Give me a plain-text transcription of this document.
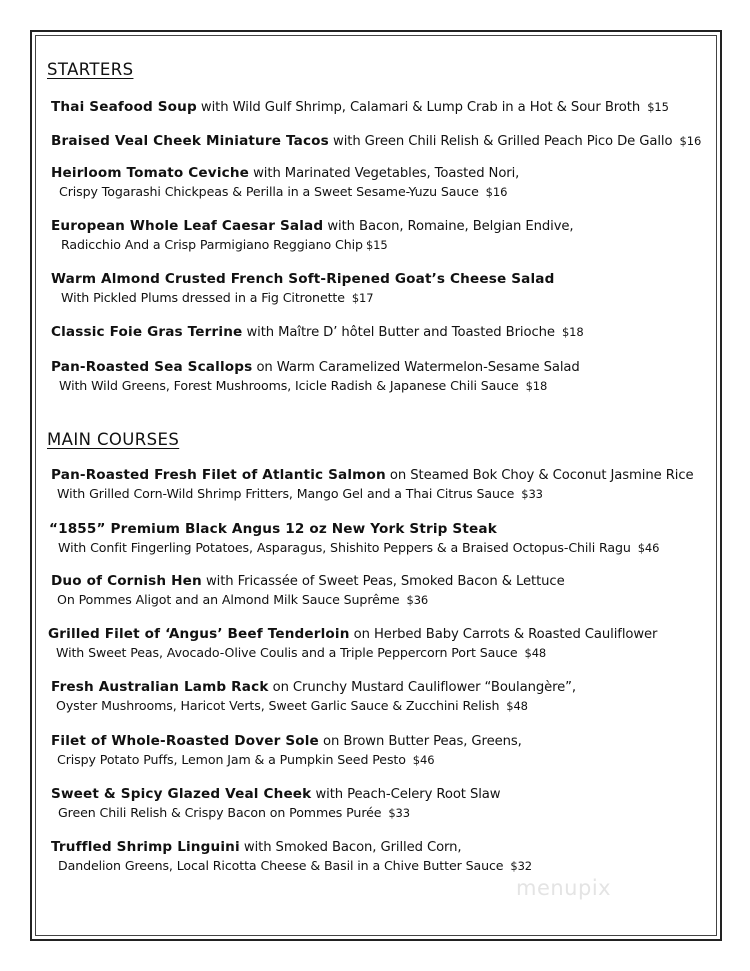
STARTERS
Thai Seafood Soup with Wild Gulf Shrimp, Calamari & Lump Crab in a Hot & Sour Broth $15
Braised Veal Cheek Miniature Tacos with Green Chili Relish & Grilled Peach Pico De Gallo $16
Heirloom Tomato Ceviche with Marinated Vegetables, Toasted Nori,
Crispy Togarashi Chickpeas & Perilla in a Sweet Sesame-Yuzu Sauce $16
European Whole Leaf Caesar Salad with Bacon, Romaine, Belgian Endive,
Radicchio And a Crisp Parmigiano Reggiano Chip $15
Warm Almond Crusted French Soft-Ripened Goat’s Cheese Salad
With Pickled Plums dressed in a Fig Citronette $17
Classic Foie Gras Terrine with Maître D’ hôtel Butter and Toasted Brioche $18
Pan-Roasted Sea Scallops on Warm Caramelized Watermelon-Sesame Salad
With Wild Greens, Forest Mushrooms, Icicle Radish & Japanese Chili Sauce $18
MAIN COURSES
Pan-Roasted Fresh Filet of Atlantic Salmon on Steamed Bok Choy & Coconut Jasmine Rice
With Grilled Corn-Wild Shrimp Fritters, Mango Gel and a Thai Citrus Sauce $33
“1855” Premium Black Angus 12 oz New York Strip Steak
With Confit Fingerling Potatoes, Asparagus, Shishito Peppers & a Braised Octopus-Chili Ragu $46
Duo of Cornish Hen with Fricassée of Sweet Peas, Smoked Bacon & Lettuce
On Pommes Aligot and an Almond Milk Sauce Suprême $36
Grilled Filet of ‘Angus’ Beef Tenderloin on Herbed Baby Carrots & Roasted Cauliflower
With Sweet Peas, Avocado-Olive Coulis and a Triple Peppercorn Port Sauce $48
Fresh Australian Lamb Rack on Crunchy Mustard Cauliflower “Boulangère”,
Oyster Mushrooms, Haricot Verts, Sweet Garlic Sauce & Zucchini Relish $48
Filet of Whole-Roasted Dover Sole on Brown Butter Peas, Greens,
Crispy Potato Puffs, Lemon Jam & a Pumpkin Seed Pesto $46
Sweet & Spicy Glazed Veal Cheek with Peach-Celery Root Slaw
Green Chili Relish & Crispy Bacon on Pommes Purée $33
Truffled Shrimp Linguini with Smoked Bacon, Grilled Corn,
Dandelion Greens, Local Ricotta Cheese & Basil in a Chive Butter Sauce $32
menupix
